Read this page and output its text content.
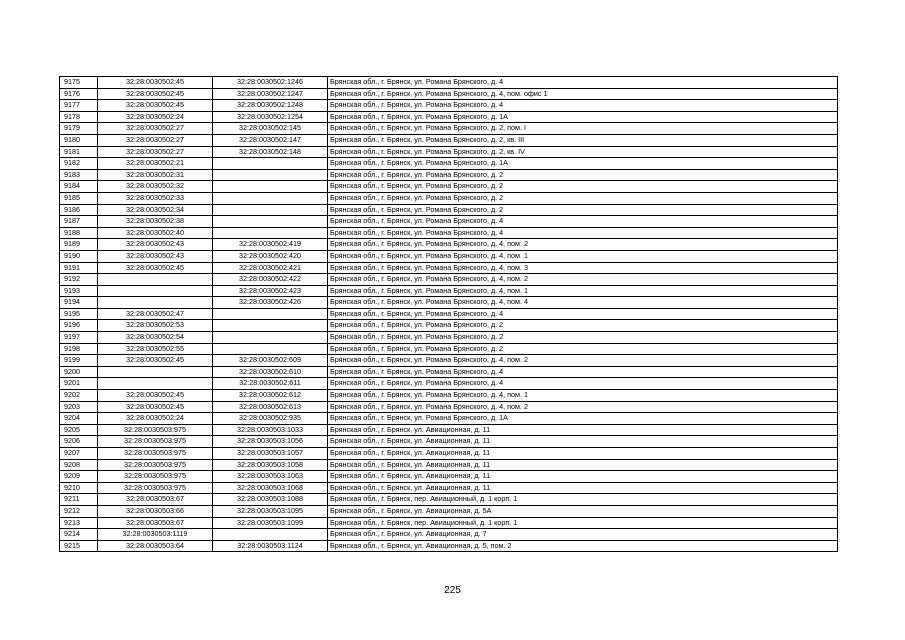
9175	32:28:0030502:45	32:28:0030502:1246	Брянская обл., г. Брянск, ул. Романа Брянского, д. 4
9176	32:28:0030502:45	32:28:0030502:1247	Брянская обл., г. Брянск, ул. Романа Брянского, д. 4, пом. офис 1
9177	32:28:0030502:45	32:28:0030502:1248	Брянская обл., г. Брянск, ул. Романа Брянского, д. 4
9178	32:28:0030502:24	32:28:0030502:1254	Брянская обл., г. Брянск, ул. Романа Брянского, д. 1А
9179	32:28:0030502:27	32:28:0030502:145	Брянская обл., г. Брянск, ул. Романа Брянского, д. 2, пом. I
9180	32:28:0030502:27	32:28:0030502:147	Брянская обл., г. Брянск, ул. Романа Брянского, д. 2, кв. III
9181	32:28:0030502:27	32:28:0030502:148	Брянская обл., г. Брянск, ул. Романа Брянского, д. 2, кв. IV
9182	32:28:0030502:21		Брянская обл., г. Брянск, ул. Романа Брянского, д. 1А
9183	32:28:0030502:31		Брянская обл., г. Брянск, ул. Романа Брянского, д. 2
9184	32:28:0030502:32		Брянская обл., г. Брянск, ул. Романа Брянского, д. 2
9185	32:28:0030502:33		Брянская обл., г. Брянск, ул. Романа Брянского, д. 2
9186	32:28:0030502:34		Брянская обл., г. Брянск, ул. Романа Брянского, д. 2
9187	32:28:0030502:38		Брянская обл., г. Брянск, ул. Романа Брянского, д. 4
9188	32:28:0030502:40		Брянская обл., г. Брянск, ул. Романа Брянского, д. 4
9189	32:28:0030502:43	32:28:0030502:419	Брянская обл., г. Брянск, ул. Романа Брянского, д. 4, пом. 2
9190	32:28:0030502:43	32:28:0030502:420	Брянская обл., г. Брянск, ул. Романа Брянского, д. 4, пом. 1
9191	32:28:0030502:45	32:28:0030502:421	Брянская обл., г. Брянск, ул. Романа Брянского, д. 4, пом. 3
9192		32:28:0030502:422	Брянская обл., г. Брянск, ул. Романа Брянского, д. 4, пом. 2
9193		32:28:0030502:423	Брянская обл., г. Брянск, ул. Романа Брянского, д. 4, пом. 1
9194		32:28:0030502:426	Брянская обл., г. Брянск, ул. Романа Брянского, д. 4, пом. 4
9195	32:28:0030502:47		Брянская обл., г. Брянск, ул. Романа Брянского, д. 4
9196	32:28:0030502:53		Брянская обл., г. Брянск, ул. Романа Брянского, д. 2
9197	32:28:0030502:54		Брянская обл., г. Брянск, ул. Романа Брянского, д. 2
9198	32:28:0030502:55		Брянская обл., г. Брянск, ул. Романа Брянского, д. 2
9199	32:28:0030502:45	32:28:0030502:609	Брянская обл., г. Брянск, ул. Романа Брянского, д. 4, пом. 2
9200		32:28:0030502:610	Брянская обл., г. Брянск, ул. Романа Брянского, д. 4
9201		32:28:0030502:611	Брянская обл., г. Брянск, ул. Романа Брянского, д. 4
9202	32:28:0030502:45	32:28:0030502:612	Брянская обл., г. Брянск, ул. Романа Брянского, д. 4, пом. 1
9203	32:28:0030502:45	32:28:0030502:613	Брянская обл., г. Брянск, ул. Романа Брянского, д. 4, пом. 2
9204	32:28:0030502:24	32:28:0030502:935	Брянская обл., г. Брянск, ул. Романа Брянского, д. 1А
9205	32:28:0030503:975	32:28:0030503:1033	Брянская обл., г. Брянск, ул. Авиационная, д. 11
9206	32:28:0030503:975	32:28:0030503:1056	Брянская обл., г. Брянск, ул. Авиационная, д. 11
9207	32:28:0030503:975	32:28:0030503:1057	Брянская обл., г. Брянск, ул. Авиационная, д. 11
9208	32:28:0030503:975	32:28:0030503:1058	Брянская обл., г. Брянск, ул. Авиационная, д. 11
9209	32:28:0030503:975	32:28:0030503:1063	Брянская обл., г. Брянск, ул. Авиационная, д. 11
9210	32:28:0030503:975	32:28:0030503:1068	Брянская обл., г. Брянск, ул. Авиационная, д. 11
9211	32:28:0030503:67	32:28:0030503:1088	Брянская обл., г. Брянск, пер. Авиационный, д. 1 корп. 1
9212	32:28:0030503:66	32:28:0030503:1095	Брянская обл., г. Брянск, ул. Авиационная, д. 5А
9213	32:28:0030503:67	32:28:0030503:1099	Брянская обл., г. Брянск, пер. Авиационный, д. 1 корп. 1
9214	32:28:0030503:1119		Брянская обл., г. Брянск, ул. Авиационная, д. 7
9215	32:28:0030503:64	32:28:0030503:1124	Брянская обл., г. Брянск, ул. Авиационная, д. 5, пом. 2
225
